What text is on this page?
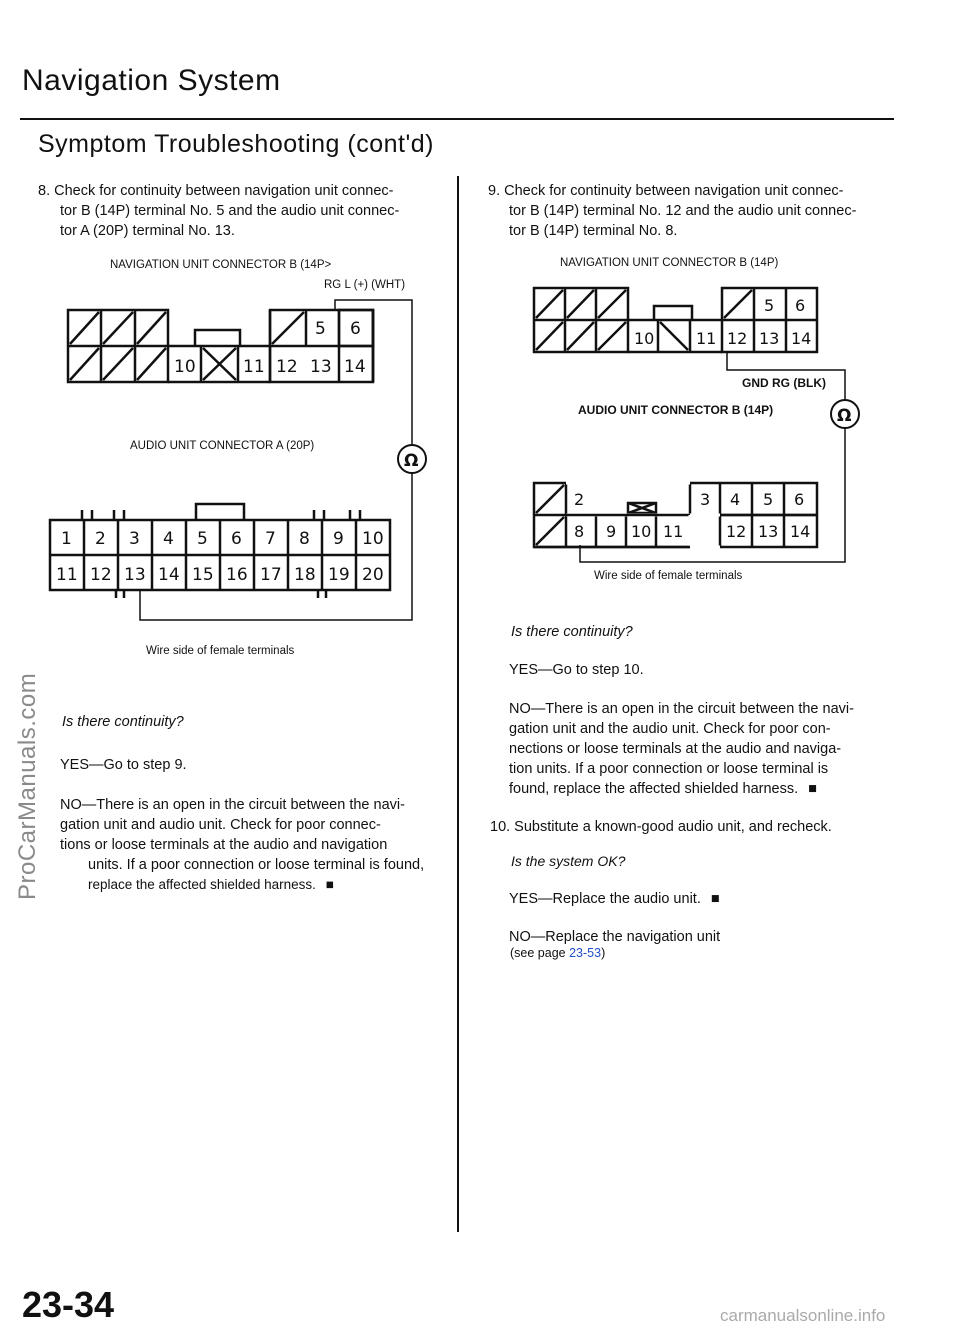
Navigation System
Symptom Troubleshooting (cont'd)
8. Check for continuity between navigation unit connec-
tor B (14P) terminal No. 5 and the audio unit connec-
tor A (20P) terminal No. 13.
NAVIGATION UNIT CONNECTOR B (14P>
RG L (+) (WHT)
5 6
10	11 12 13 14
AUDIO UNIT CONNECTOR A (20P)
Ω
1 2 3 4 5 6 7 8 9 10
11 12 13 14 15 16 17 18 19 20
Wire side of female terminals
Is there continuity?
YES—Go to step 9.
NO—There is an open in the circuit between the navi-
gation unit and audio unit. Check for poor connec-
tions or loose terminals at the audio and navigation
units. If a poor connection or loose terminal is found,
replace the affected shielded harness. ■
9. Check for continuity between navigation unit connec-
tor B (14P) terminal No. 12 and the audio unit connec-
tor B (14P) terminal No. 8.
NAVIGATION UNIT CONNECTOR B (14P)
5 6
10	11 12 13 14
GND RG (BLK)
AUDIO UNIT CONNECTOR B (14P)	Ω
2	3 4 5 6
8 9 10 11	12 13 14
Wire side of female terminals
Is there continuity?
YES—Go to step 10.
NO—There is an open in the circuit between the navi-
gation unit and the audio unit. Check for poor con-
nections or loose terminals at the audio and naviga-
tion units. If a poor connection or loose terminal is
found, replace the affected shielded harness. ■
10. Substitute a known-good audio unit, and recheck.
Is the system OK?
YES—Replace the audio unit. ■
NO—Replace the navigation unit
(see page 23-53)
ProCarManuals.com
23-34	carmanualsonline.info
